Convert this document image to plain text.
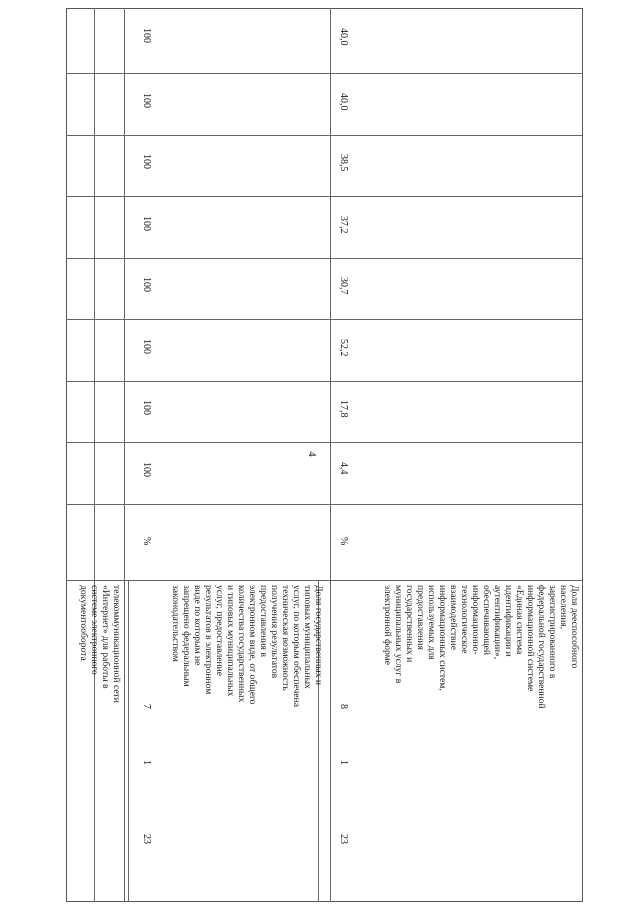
4
телекоммуникационной сети
«Интернет» для работы в
системе электронного
документооборота
23
1
7
Доля государственных и
типовых муниципальных
услуг, по которым обеспечена
техническая возможность
получения результатов
предоставления в
электронном виде, от общего
количества государственных
и типовых муниципальных
услуг, предоставление
результатов в электронном
виде по которым не
запрещено федеральным
законодательством
%
100
100
100
100
100
100
100
100
23
1
8
Доля дееспособного
населения,
зарегистрированного в
федеральной государственной
информационной системе
«Единая система
идентификации и
аутентификации»,
обеспечивающей
информационно-
технологическое
взаимодействие
информационных систем,
используемых для
предоставления
государственных и
муниципальных услуг в
электронной форме
%
4,4
17,8
52,2
30,7
37,2
38,5
40,0
40,0
